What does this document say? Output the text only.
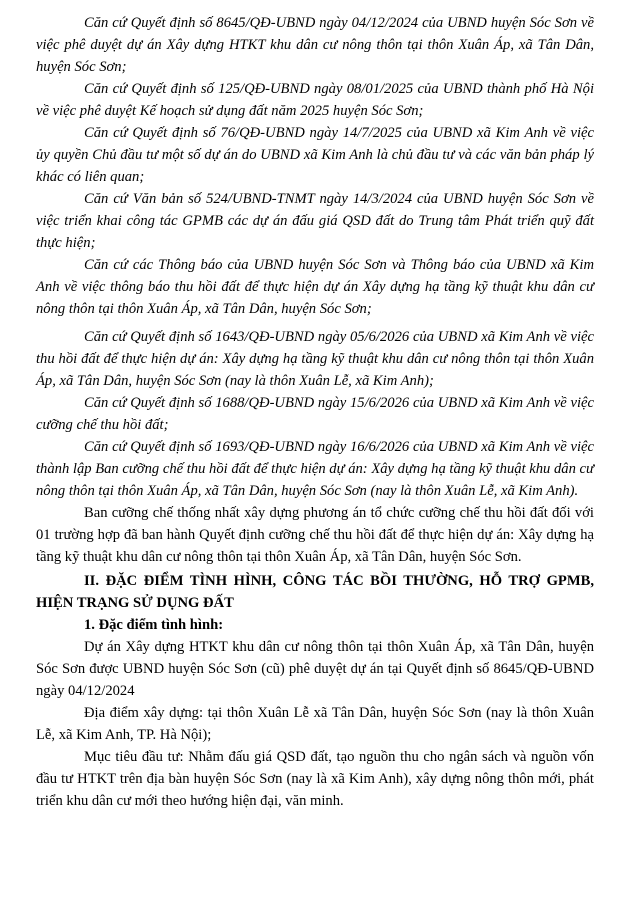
Căn cứ Quyết định số 8645/QĐ-UBND ngày 04/12/2024 của UBND huyện Sóc Sơn về việc phê duyệt dự án Xây dựng HTKT khu dân cư nông thôn tại thôn Xuân Áp, xã Tân Dân, huyện Sóc Sơn;

Căn cứ Quyết định số 125/QĐ-UBND ngày 08/01/2025 của UBND thành phố Hà Nội về việc phê duyệt Kế hoạch sử dụng đất năm 2025 huyện Sóc Sơn;

Căn cứ Quyết định số 76/QĐ-UBND ngày 14/7/2025 của UBND xã Kim Anh về việc ủy quyền Chủ đầu tư một số dự án do UBND xã Kim Anh là chủ đầu tư và các văn bản pháp lý khác có liên quan;

Căn cứ Văn bản số 524/UBND-TNMT ngày 14/3/2024 của UBND huyện Sóc Sơn về việc triển khai công tác GPMB các dự án đấu giá QSD đất do Trung tâm Phát triển quỹ đất thực hiện;

Căn cứ các Thông báo của UBND huyện Sóc Sơn và Thông báo của UBND xã Kim Anh về việc thông báo thu hồi đất để thực hiện dự án Xây dựng hạ tầng kỹ thuật khu dân cư nông thôn tại thôn Xuân Áp, xã Tân Dân, huyện Sóc Sơn;

Căn cứ Quyết định số 1643/QĐ-UBND ngày 05/6/2026 của UBND xã Kim Anh về việc thu hồi đất để thực hiện dự án: Xây dựng hạ tầng kỹ thuật khu dân cư nông thôn tại thôn Xuân Áp, xã Tân Dân, huyện Sóc Sơn (nay là thôn Xuân Lễ, xã Kim Anh);

Căn cứ Quyết định số 1688/QĐ-UBND ngày 15/6/2026 của UBND xã Kim Anh về việc cưỡng chế thu hồi đất;

Căn cứ Quyết định số 1693/QĐ-UBND ngày 16/6/2026 của UBND xã Kim Anh về việc thành lập Ban cưỡng chế thu hồi đất để thực hiện dự án: Xây dựng hạ tầng kỹ thuật khu dân cư nông thôn tại thôn Xuân Áp, xã Tân Dân, huyện Sóc Sơn (nay là thôn Xuân Lễ, xã Kim Anh).

Ban cưỡng chế thống nhất xây dựng phương án tổ chức cưỡng chế thu hồi đất đối với 01 trường hợp đã ban hành Quyết định cưỡng chế thu hồi đất để thực hiện dự án: Xây dựng hạ tầng kỹ thuật khu dân cư nông thôn tại thôn Xuân Áp, xã Tân Dân, huyện Sóc Sơn.

II. ĐẶC ĐIỂM TÌNH HÌNH, CÔNG TÁC BỒI THƯỜNG, HỖ TRỢ GPMB, HIỆN TRẠNG SỬ DỤNG ĐẤT

1. Đặc điểm tình hình:

Dự án Xây dựng HTKT khu dân cư nông thôn tại thôn Xuân Áp, xã Tân Dân, huyện Sóc Sơn được UBND huyện Sóc Sơn (cũ) phê duyệt dự án tại Quyết định số 8645/QĐ-UBND ngày 04/12/2024

Địa điểm xây dựng: tại thôn Xuân Lễ xã Tân Dân, huyện Sóc Sơn (nay là thôn Xuân Lễ, xã Kim Anh, TP. Hà Nội);

Mục tiêu đầu tư: Nhằm đấu giá QSD đất, tạo nguồn thu cho ngân sách và nguồn vốn đầu tư HTKT trên địa bàn huyện Sóc Sơn (nay là xã Kim Anh), xây dựng nông thôn mới, phát triển khu dân cư mới theo hướng hiện đại, văn minh.
